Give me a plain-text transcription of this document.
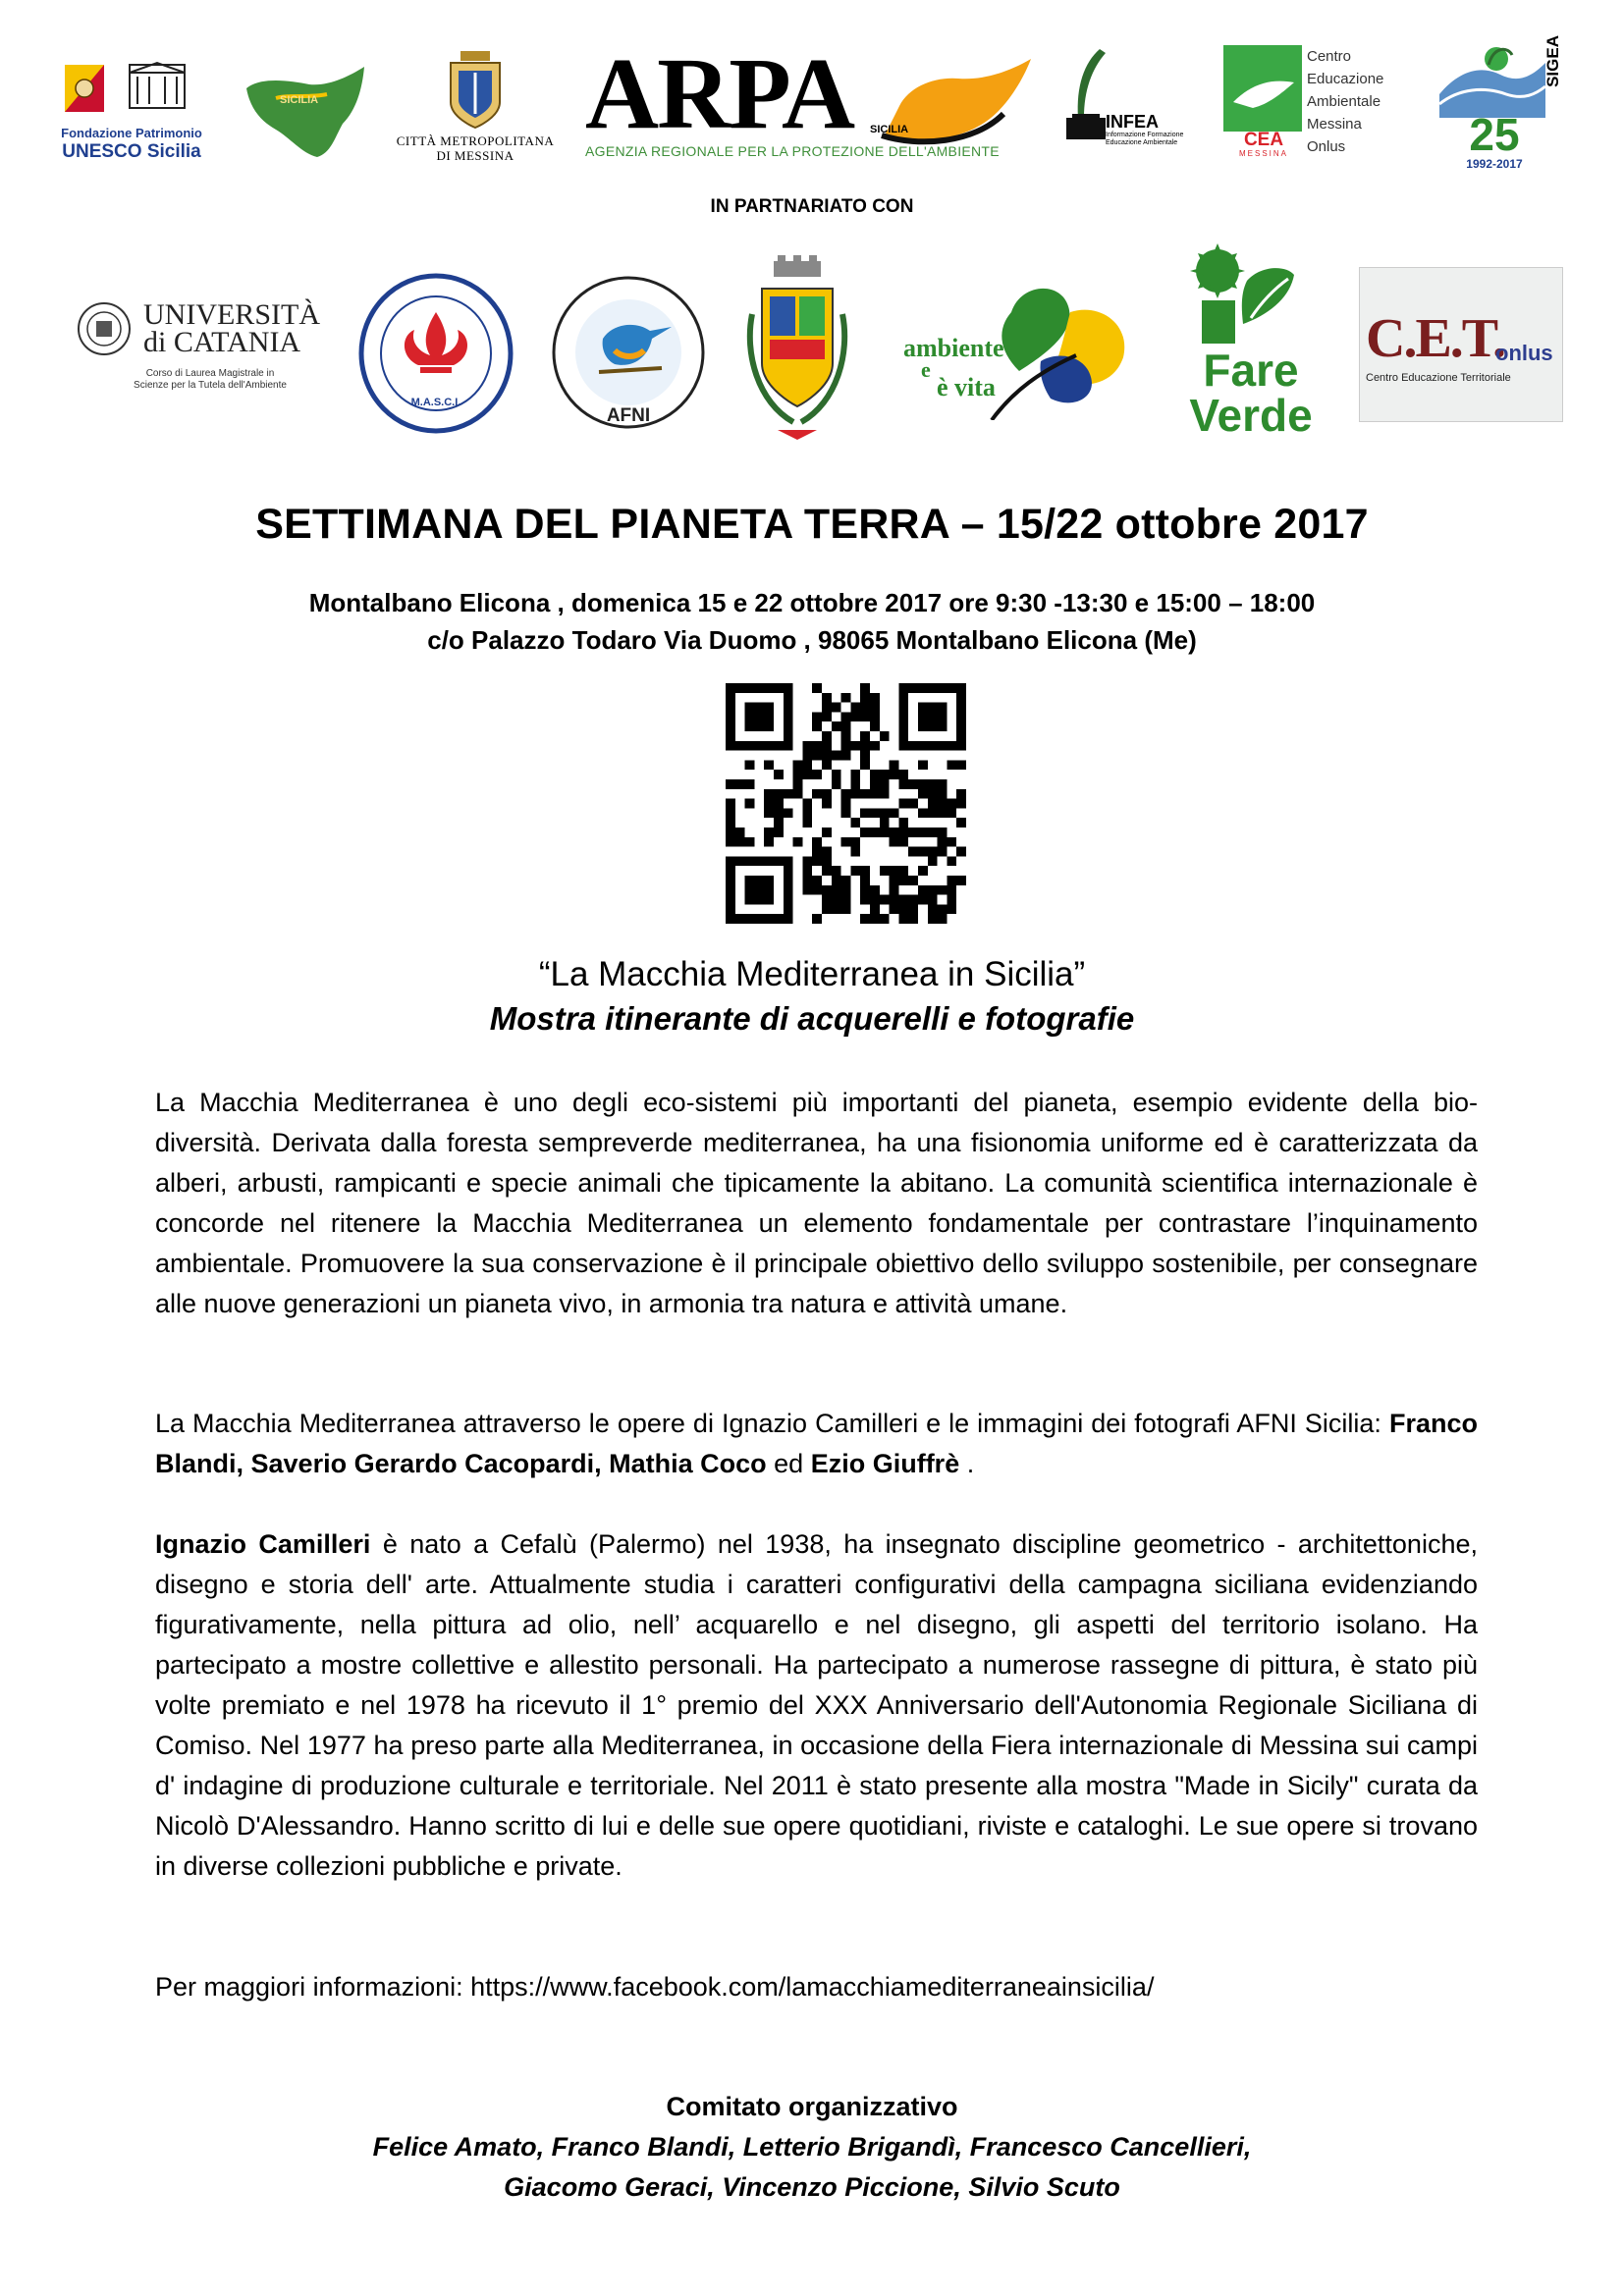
Fondazione Patrimonio
UNESCO Sicilia
SICILIA
CITTÀ METROPOLITANA
DI MESSINA
ARPA SICILIA
AGENZIA REGIONALE PER LA PROTEZIONE DELL'AMBIENTE
INFEA
Informazione Formazione Educazione Ambientale	CEA
MESSINA
Centro
Educazione
Ambientale
Messina
Onlus
SIGEA
25
1992-2017
IN PARTNARIATO CON
UNIVERSITÀ
di CATANIA
Corso di Laurea Magistrale in
Scienze per la Tutela dell'Ambiente
M.A.S.C.I.
AFNI
ambiente
e
è vita	Fare
Verde
C.E.T.
onlus
Centro Educazione Territoriale
SETTIMANA DEL PIANETA TERRA – 15/22 ottobre 2017
Montalbano Elicona , domenica 15 e 22 ottobre 2017 ore 9:30 -13:30 e 15:00 – 18:00
c/o Palazzo Todaro Via Duomo , 98065 Montalbano Elicona (Me)
“La Macchia Mediterranea in Sicilia”
Mostra itinerante di acquerelli e fotografie
La Macchia Mediterranea è uno degli eco-sistemi più importanti del pianeta, esempio evidente della bio-diversità. Derivata dalla foresta sempreverde mediterranea, ha una fisionomia uniforme ed è caratterizzata da alberi, arbusti, rampicanti e specie animali che tipicamente la abitano. La comunità scientifica internazionale è concorde nel ritenere la Macchia Mediterranea un elemento fondamentale per contrastare l’inquinamento ambientale. Promuovere la sua conservazione è il principale obiettivo dello sviluppo sostenibile, per consegnare alle nuove generazioni un pianeta vivo, in armonia tra natura e attività umane.
La Macchia Mediterranea attraverso le opere di Ignazio Camilleri e le immagini dei fotografi AFNI Sicilia: Franco Blandi, Saverio Gerardo Cacopardi, Mathia Coco ed Ezio Giuffrè .
Ignazio Camilleri è nato a Cefalù (Palermo) nel 1938, ha insegnato discipline geometrico - architettoniche, disegno e storia dell' arte. Attualmente studia i caratteri configurativi della campagna siciliana evidenziando figurativamente, nella pittura ad olio, nell’ acquarello e nel disegno, gli aspetti del territorio isolano. Ha partecipato a mostre collettive e allestito personali. Ha partecipato a numerose rassegne di pittura, è stato più volte premiato e nel 1978 ha ricevuto il 1° premio del XXX Anniversario dell'Autonomia Regionale Siciliana di Comiso. Nel 1977 ha preso parte alla Mediterranea, in occasione della Fiera internazionale di Messina sui campi d' indagine di produzione culturale e territoriale. Nel 2011 è stato presente alla mostra "Made in Sicily" curata da Nicolò D'Alessandro. Hanno scritto di lui e delle sue opere quotidiani, riviste e cataloghi. Le sue opere si trovano in diverse collezioni pubbliche e private.
Per maggiori informazioni: https://www.facebook.com/lamacchiamediterraneainsicilia/
Comitato organizzativo
Felice Amato, Franco Blandi, Letterio Brigandì, Francesco Cancellieri,
Giacomo Geraci, Vincenzo Piccione, Silvio Scuto
